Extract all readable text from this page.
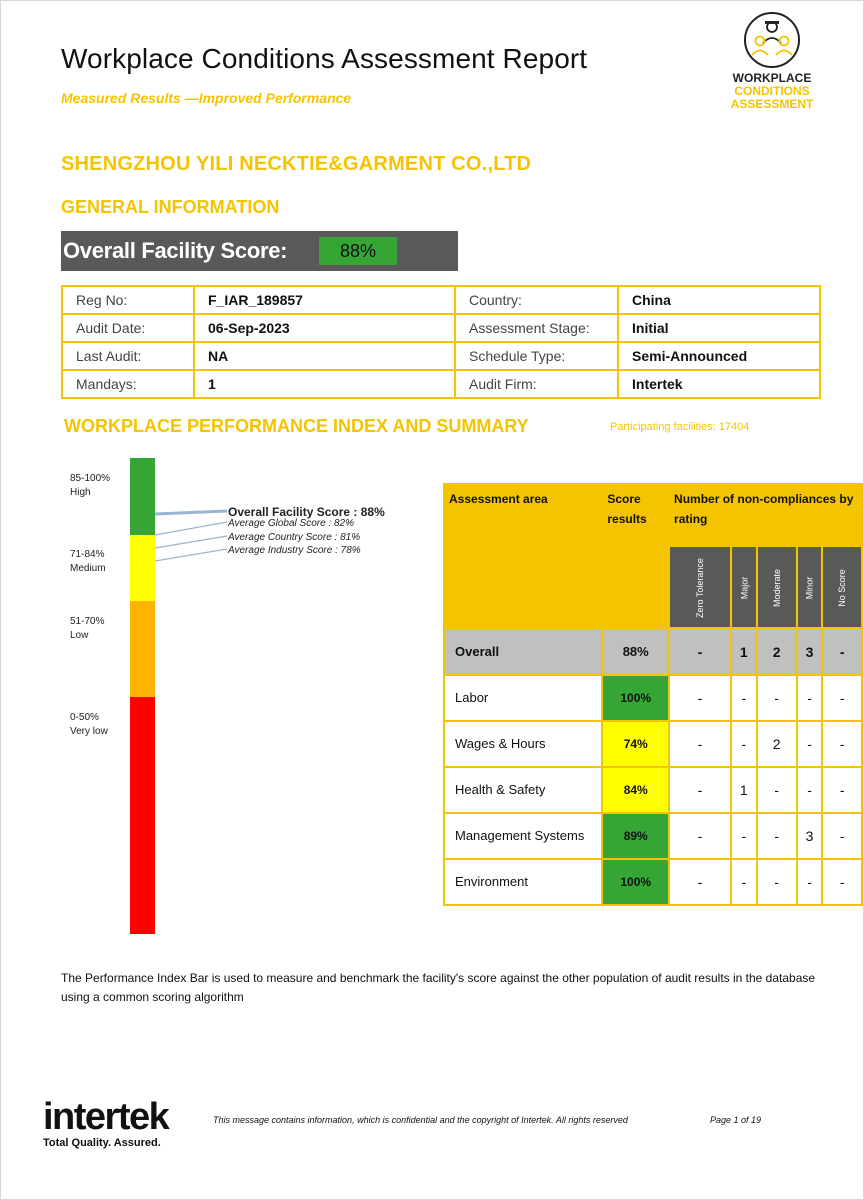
Workplace Conditions Assessment Report
Measured Results —Improved Performance
WORKPLACE
CONDITIONS
ASSESSMENT
SHENGZHOU YILI NECKTIE&GARMENT CO.,LTD
GENERAL INFORMATION
Overall Facility Score:	88%
Reg No:	F_IAR_189857	Country:	China
Audit Date:	06-Sep-2023	Assessment Stage:	Initial
Last Audit:	NA	Schedule Type:	Semi-Announced
Mandays:	1	Audit Firm:	Intertek
WORKPLACE PERFORMANCE INDEX AND SUMMARY	Participating facilities: 17404
85-100%
High
71-84%
Medium
51-70%
Low
0-50%
Very low
Overall Facility Score : 88%
Average Global Score : 82%
Average Country Score : 81%
Average Industry Score : 78%
Assessment area	Score results	Number of non-compliances by rating				
		Zero Tolerance	Major	Moderate	Minor	No Score
Overall	88%	-	1	2	3	-
Labor	100%	-	-	-	-	-
Wages & Hours	74%	-	-	2	-	-
Health & Safety	84%	-	1	-	-	-
Management Systems	89%	-	-	-	3	-
Environment	100%	-	-	-	-	-
The Performance Index Bar is used to measure and benchmark the facility's score against the other population of audit results in the database using a common scoring algorithm
intertek
Total Quality. Assured.
This message contains information, which is confidential and the copyright of Intertek. All rights reserved	Page 1 of 19
